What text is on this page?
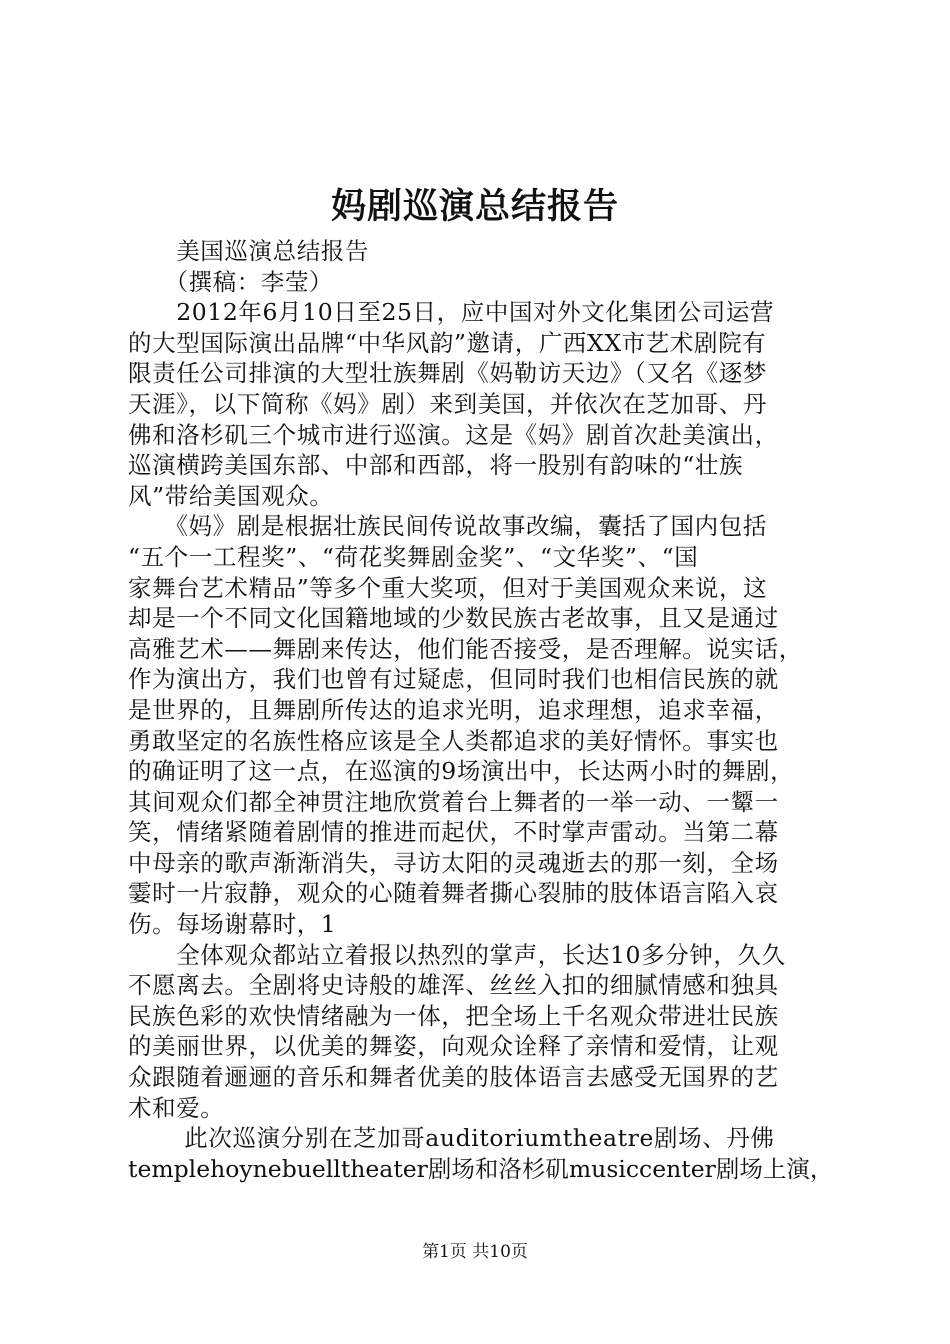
妈剧巡演总结报告
　　美国巡演总结报告
　　（撰稿：李莹）
　　2012年6月10日至25日，应中国对外文化集团公司运营
的大型国际演出品牌“中华风韵”邀请，广西XX市艺术剧院有
限责任公司排演的大型壮族舞剧《妈勒访天边》（又名《逐梦
天涯》，以下简称《妈》剧）来到美国，并依次在芝加哥、丹
佛和洛杉矶三个城市进行巡演。这是《妈》剧首次赴美演出，
巡演横跨美国东部、中部和西部，将一股别有韵味的“壮族
风”带给美国观众。
　　《妈》剧是根据壮族民间传说故事改编，囊括了国内包括
“五个一工程奖”、“荷花奖舞剧金奖”、“文华奖”、“国
家舞台艺术精品”等多个重大奖项，但对于美国观众来说，这
却是一个不同文化国籍地域的少数民族古老故事，且又是通过
高雅艺术——舞剧来传达，他们能否接受，是否理解。说实话，
作为演出方，我们也曾有过疑虑，但同时我们也相信民族的就
是世界的，且舞剧所传达的追求光明，追求理想，追求幸福，
勇敢坚定的名族性格应该是全人类都追求的美好情怀。事实也
的确证明了这一点，在巡演的9场演出中，长达两小时的舞剧，
其间观众们都全神贯注地欣赏着台上舞者的一举一动、一颦一
笑，情绪紧随着剧情的推进而起伏，不时掌声雷动。当第二幕
中母亲的歌声渐渐消失，寻访太阳的灵魂逝去的那一刻，全场
霎时一片寂静，观众的心随着舞者撕心裂肺的肢体语言陷入哀
伤。每场谢幕时，1
　　全体观众都站立着报以热烈的掌声，长达10多分钟，久久
不愿离去。全剧将史诗般的雄浑、丝丝入扣的细腻情感和独具
民族色彩的欢快情绪融为一体，把全场上千名观众带进壮民族
的美丽世界，以优美的舞姿，向观众诠释了亲情和爱情，让观
众跟随着逦逦的音乐和舞者优美的肢体语言去感受无国界的艺
术和爱。
　　 此次巡演分别在芝加哥auditoriumtheatre剧场、丹佛
templehoynebuelltheater剧场和洛杉矶musiccenter剧场上演，
第1页 共10页
